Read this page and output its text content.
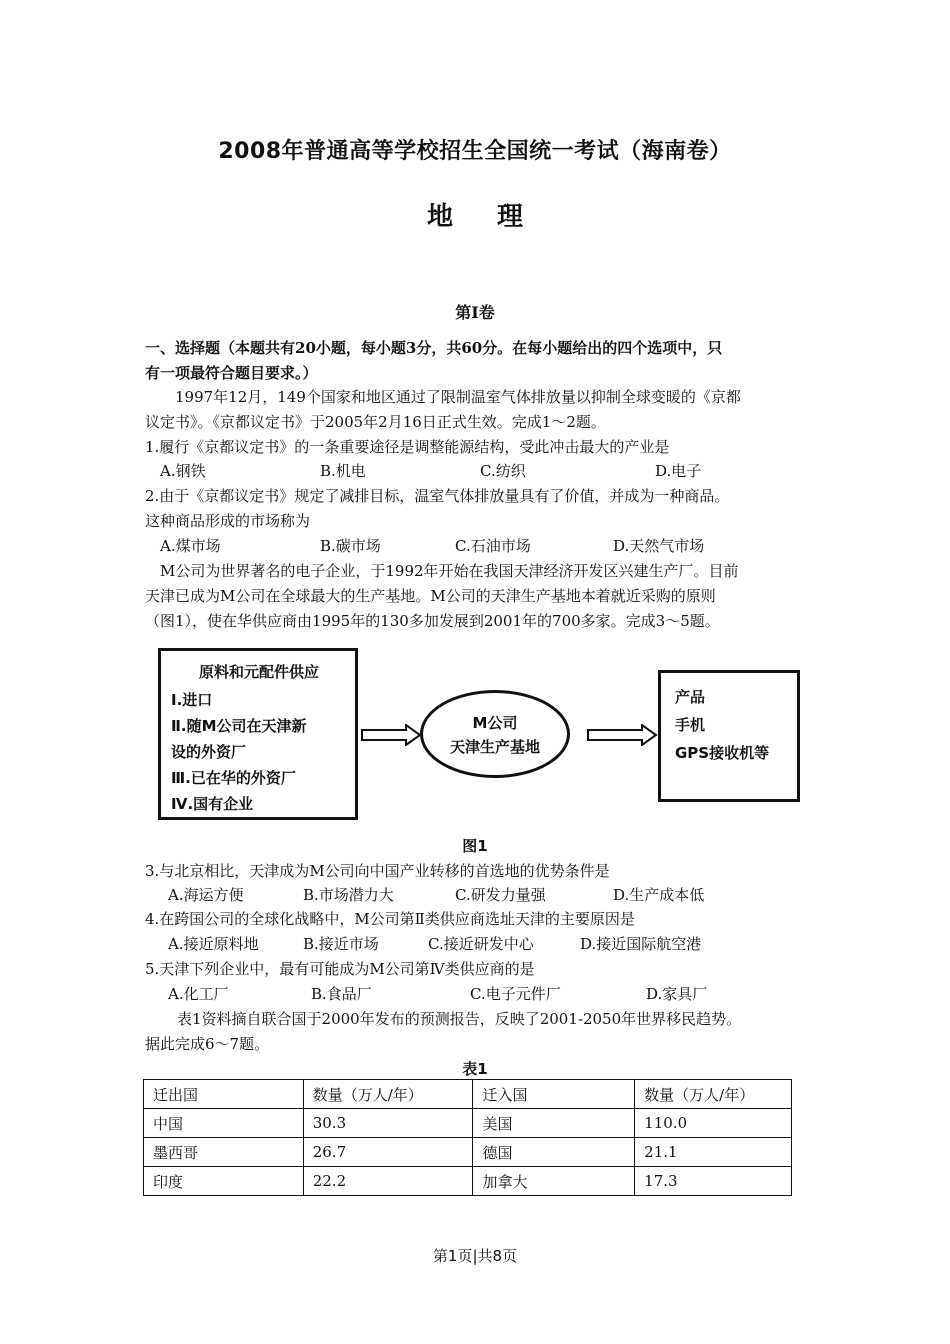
2008年普通高等学校招生全国统一考试（海南卷）
地理
第Ⅰ卷
一、选择题（本题共有20小题，每小题3分，共60分。在每小题给出的四个选项中，只
有一项最符合题目要求。）
1997年12月，149个国家和地区通过了限制温室气体排放量以抑制全球变暖的《京都
议定书》。《京都议定书》于2005年2月16日正式生效。完成1～2题。
1.履行《京都议定书》的一条重要途径是调整能源结构，受此冲击最大的产业是
A.钢铁	B.机电	C.纺织	D.电子
2.由于《京都议定书》规定了减排目标，温室气体排放量具有了价值，并成为一种商品。
这种商品形成的市场称为
A.煤市场	B.碳市场	C.石油市场	D.天然气市场
M公司为世界著名的电子企业，于1992年开始在我国天津经济开发区兴建生产厂。目前
天津已成为M公司在全球最大的生产基地。M公司的天津生产基地本着就近采购的原则
（图1），使在华供应商由1995年的130多加发展到2001年的700多家。完成3～5题。
原料和元配件供应
Ⅰ.进口
Ⅱ.随M公司在天津新
设的外资厂
Ⅲ.已在华的外资厂
Ⅳ.国有企业
M公司
天津生产基地
产品
手机
GPS接收机等
图1
3.与北京相比，天津成为M公司向中国产业转移的首选地的优势条件是
A.海运方便	B.市场潜力大	C.研发力量强	D.生产成本低
4.在跨国公司的全球化战略中，M公司第Ⅱ类供应商选址天津的主要原因是
A.接近原料地	B.接近市场	C.接近研发中心	D.接近国际航空港
5.天津下列企业中，最有可能成为M公司第Ⅳ类供应商的是
A.化工厂	B.食品厂	C.电子元件厂	D.家具厂
表1资料摘自联合国于2000年发布的预测报告，反映了2001-2050年世界移民趋势。
据此完成6～7题。
表1
迁出国	数量（万人/年）	迁入国	数量（万人/年）
中国	30.3	美国	110.0
墨西哥	26.7	德国	21.1
印度	22.2	加拿大	17.3
第1页|共8页
